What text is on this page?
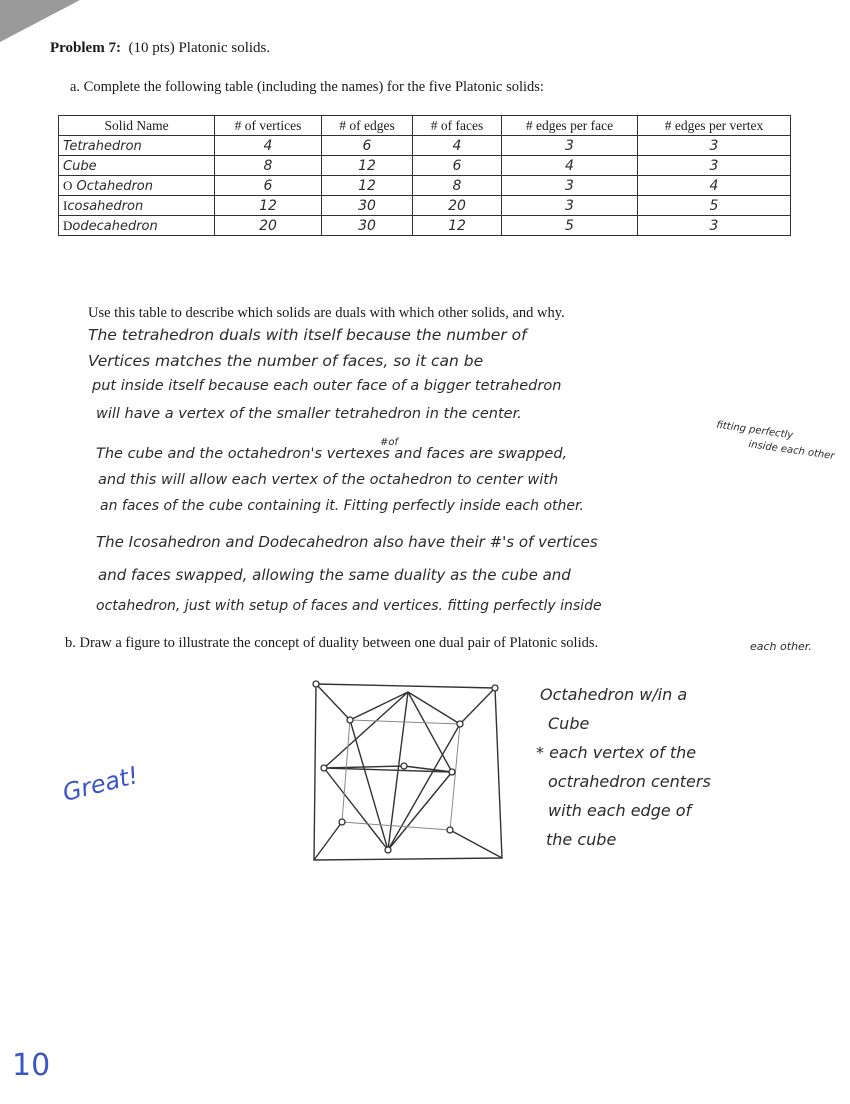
Problem 7: (10 pts) Platonic solids.
a. Complete the following table (including the names) for the five Platonic solids:
Solid Name	# of vertices	# of edges	# of faces	# edges per face	# edges per vertex
Tetrahedron	4	6	4	3	3
Cube	8	12	6	4	3
O Octahedron	6	12	8	3	4
Icosahedron	12	30	20	3	5
Dodecahedron	20	30	12	5	3
Use this table to describe which solids are duals with which other solids, and why.
The tetrahedron duals with itself because the number of
Vertices matches the number of faces, so it can be
put inside itself because each outer face of a bigger tetrahedron
will have a vertex of the smaller tetrahedron in the center.
fitting perfectly
inside each other
#of
The cube and the octahedron's vertexes and faces are swapped,
and this will allow each vertex of the octahedron to center with
an faces of the cube containing it. Fitting perfectly inside each other.
The Icosahedron and Dodecahedron also have their #'s of vertices
and faces swapped, allowing the same duality as the cube and
octahedron, just with setup of faces and vertices. fitting perfectly inside
each other.
b. Draw a figure to illustrate the concept of duality between one dual pair of Platonic solids.
Octahedron w/in a
Cube
* each vertex of the
octrahedron centers
with each edge of
the cube
Great!
10
